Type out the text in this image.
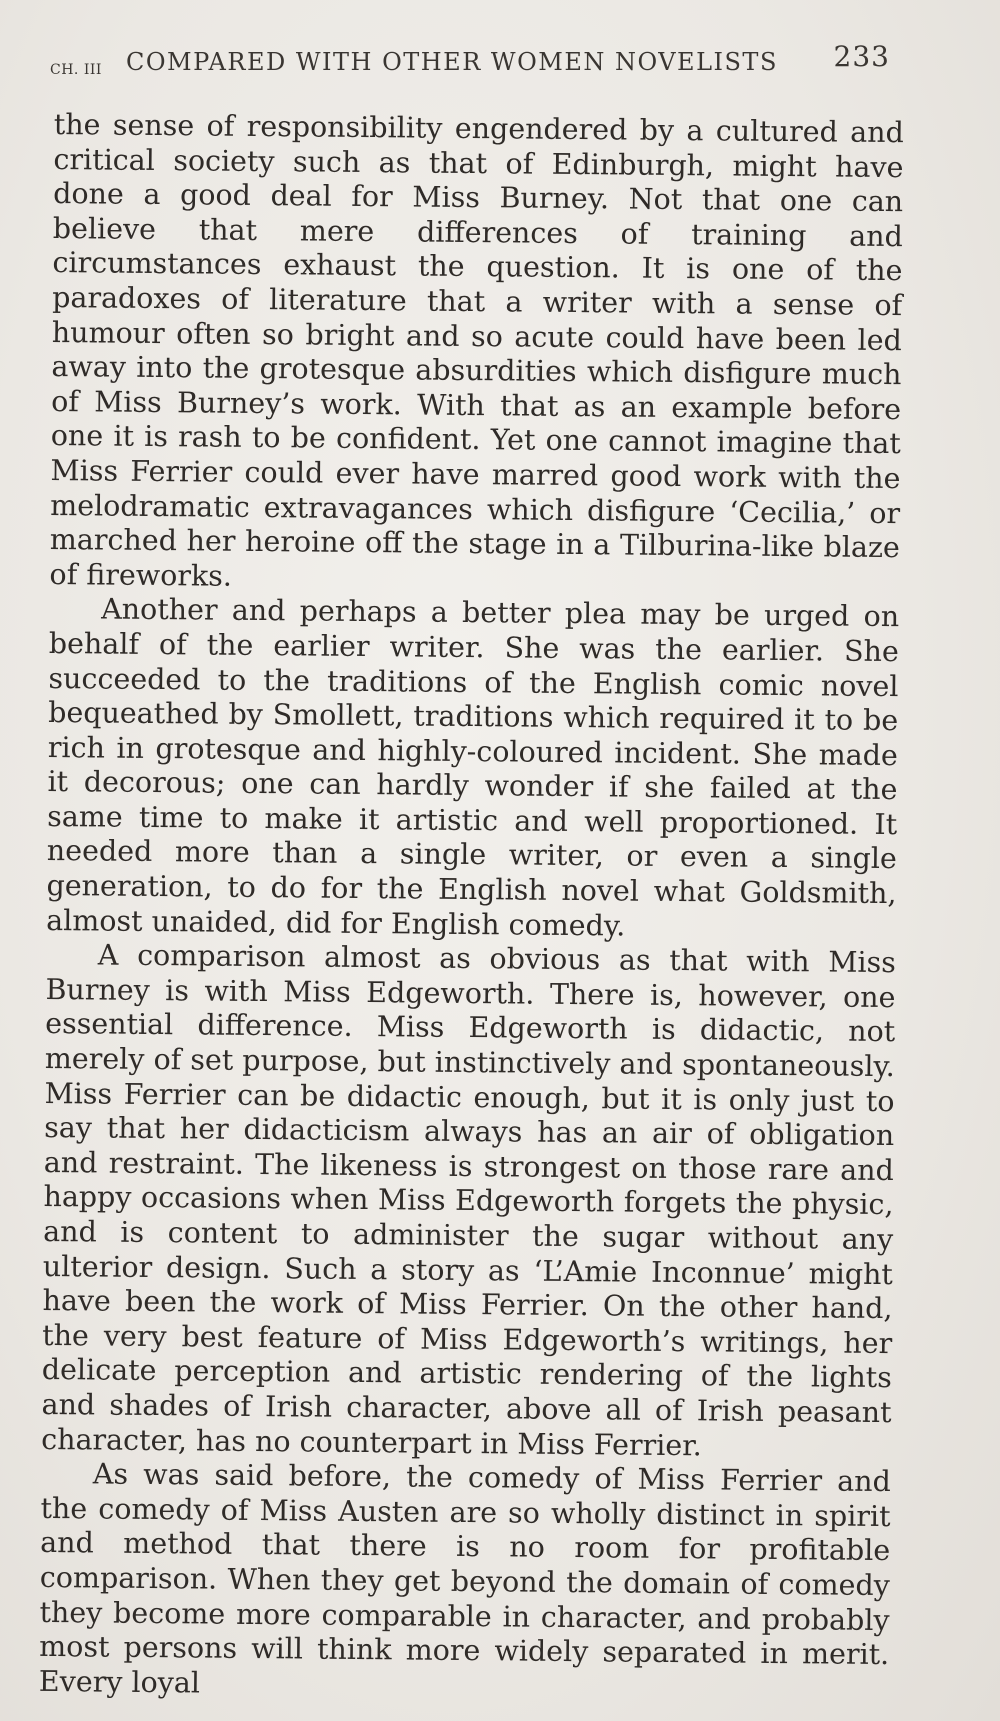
CH. III COMPARED WITH OTHER WOMEN NOVELISTS 233

the sense of responsibility engendered by a cultured and critical society such as that of Edinburgh, might have done a good deal for Miss Burney. Not that one can believe that mere differences of training and circumstances exhaust the question. It is one of the paradoxes of literature that a writer with a sense of humour often so bright and so acute could have been led away into the grotesque absurdities which disfigure much of Miss Burney’s work. With that as an example before one it is rash to be confident. Yet one cannot imagine that Miss Ferrier could ever have marred good work with the melodramatic extravagances which disfigure ‘Cecilia,’ or marched her heroine off the stage in a Tilburina-like blaze of fireworks.

Another and perhaps a better plea may be urged on behalf of the earlier writer. She was the earlier. She succeeded to the traditions of the English comic novel bequeathed by Smollett, traditions which required it to be rich in grotesque and highly-coloured incident. She made it decorous; one can hardly wonder if she failed at the same time to make it artistic and well proportioned. It needed more than a single writer, or even a single generation, to do for the English novel what Goldsmith, almost unaided, did for English comedy.

A comparison almost as obvious as that with Miss Burney is with Miss Edgeworth. There is, however, one essential difference. Miss Edgeworth is didactic, not merely of set purpose, but instinctively and spontaneously. Miss Ferrier can be didactic enough, but it is only just to say that her didacticism always has an air of obligation and restraint. The likeness is strongest on those rare and happy occasions when Miss Edgeworth forgets the physic, and is content to administer the sugar without any ulterior design. Such a story as ‘L’Amie Inconnue’ might have been the work of Miss Ferrier. On the other hand, the very best feature of Miss Edgeworth’s writings, her delicate perception and artistic rendering of the lights and shades of Irish character, above all of Irish peasant character, has no counterpart in Miss Ferrier.

As was said before, the comedy of Miss Ferrier and the comedy of Miss Austen are so wholly distinct in spirit and method that there is no room for profitable comparison. When they get beyond the domain of comedy they become more comparable in character, and probably most persons will think more widely separated in merit. Every loyal
